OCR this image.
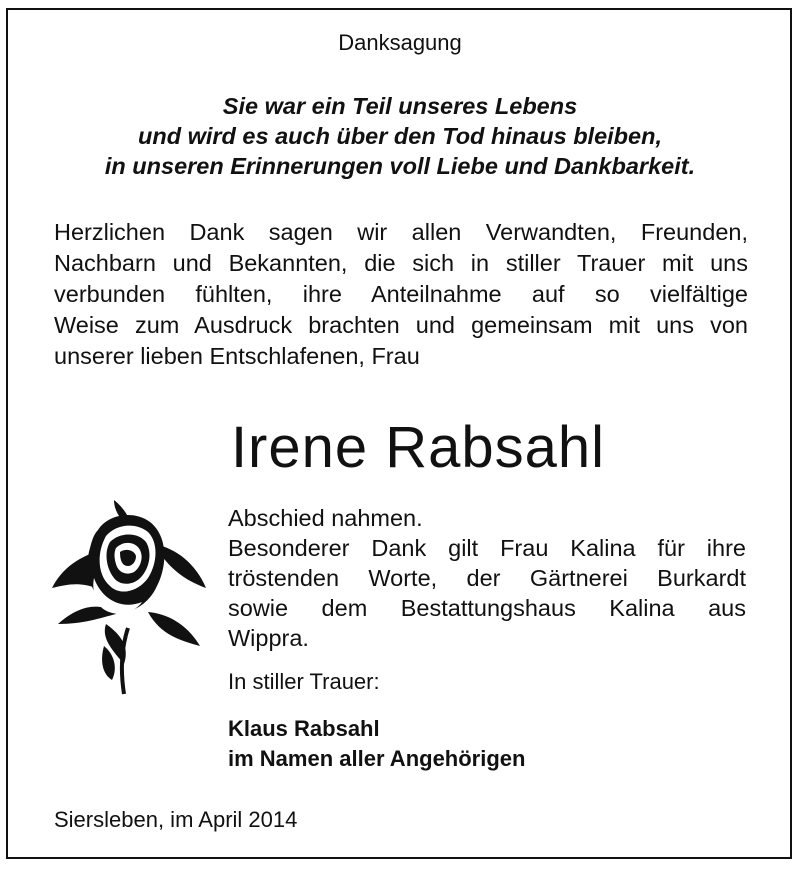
Danksagung
Sie war ein Teil unseres Lebens
und wird es auch über den Tod hinaus bleiben,
in unseren Erinnerungen voll Liebe und Dankbarkeit.
Herzlichen Dank sagen wir allen Verwandten, Freunden,
Nachbarn und Bekannten, die sich in stiller Trauer mit uns
verbunden fühlten, ihre Anteilnahme auf so vielfältige
Weise zum Ausdruck brachten und gemeinsam mit uns von
unserer lieben Entschlafenen, Frau
Irene Rabsahl
Abschied nahmen.
Besonderer Dank gilt Frau Kalina für ihre
tröstenden Worte, der Gärtnerei Burkardt
sowie dem Bestattungshaus Kalina aus
Wippra.
In stiller Trauer:
Klaus Rabsahl
im Namen aller Angehörigen
Siersleben, im April 2014
